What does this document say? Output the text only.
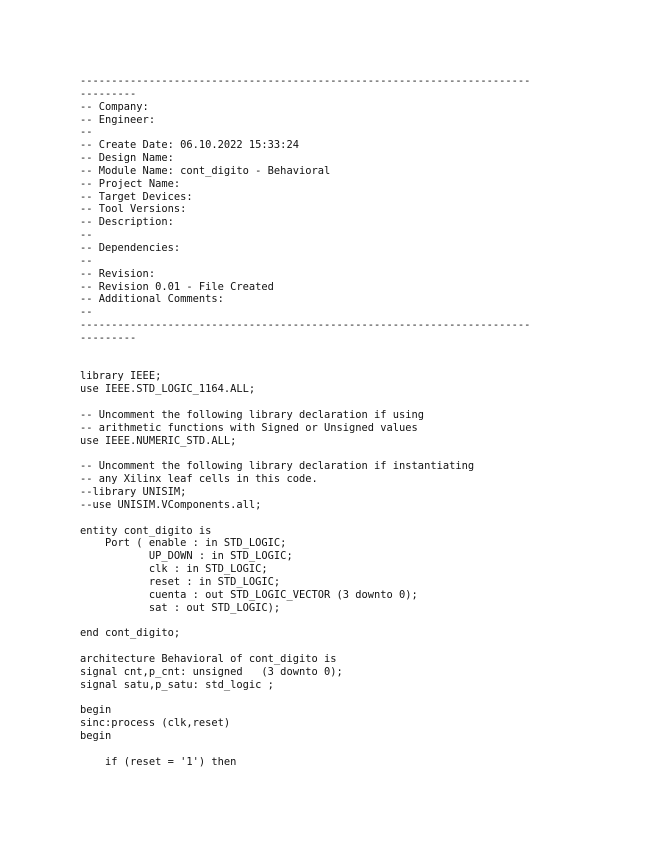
------------------------------------------------------------------------
---------
-- Company:
-- Engineer:
--
-- Create Date: 06.10.2022 15:33:24
-- Design Name:
-- Module Name: cont_digito - Behavioral
-- Project Name:
-- Target Devices:
-- Tool Versions:
-- Description:
--
-- Dependencies:
--
-- Revision:
-- Revision 0.01 - File Created
-- Additional Comments:
--
------------------------------------------------------------------------
---------
library IEEE;
use IEEE.STD_LOGIC_1164.ALL;
-- Uncomment the following library declaration if using
-- arithmetic functions with Signed or Unsigned values
use IEEE.NUMERIC_STD.ALL;
-- Uncomment the following library declaration if instantiating
-- any Xilinx leaf cells in this code.
--library UNISIM;
--use UNISIM.VComponents.all;
entity cont_digito is
Port ( enable : in STD_LOGIC;
UP_DOWN : in STD_LOGIC;
clk : in STD_LOGIC;
reset : in STD_LOGIC;
cuenta : out STD_LOGIC_VECTOR (3 downto 0);
sat : out STD_LOGIC);
end cont_digito;
architecture Behavioral of cont_digito is
signal cnt,p_cnt: unsigned   (3 downto 0);
signal satu,p_satu: std_logic ;
begin
sinc:process (clk,reset)
begin
if (reset = '1') then
